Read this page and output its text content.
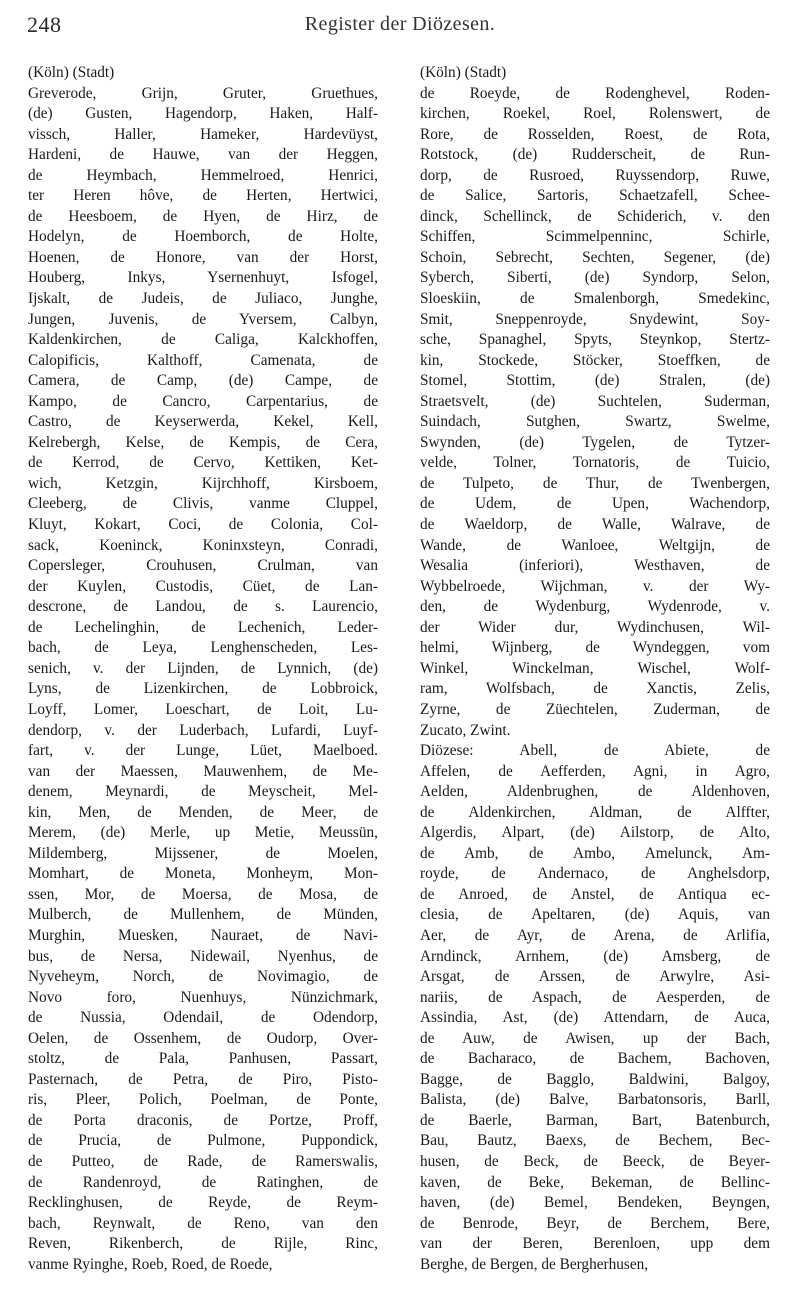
248	Register der Diözesen.
(Köln) (Stadt)
Greverode, Grijn, Gruter, Gruethues,
(de) Gusten, Hagendorp, Haken, Half-
vissch, Haller, Hameker, Hardevüyst,
Hardeni, de Hauwe, van der Heggen,
de Heymbach, Hemmelroed, Henrici,
ter Heren hôve, de Herten, Hertwici,
de Heesboem, de Hyen, de Hirz, de
Hodelyn, de Hoemborch, de Holte,
Hoenen, de Honore, van der Horst,
Houberg, Inkys, Ysernenhuyt, Isfogel,
Ijskalt, de Judeis, de Juliaco, Junghe,
Jungen, Juvenis, de Yversem, Calbyn,
Kaldenkirchen, de Caliga, Kalckhoffen,
Calopificis, Kalthoff, Camenata, de
Camera, de Camp, (de) Campe, de
Kampo, de Cancro, Carpentarius, de
Castro, de Keyserwerda, Kekel, Kell,
Kelrebergh, Kelse, de Kempis, de Cera,
de Kerrod, de Cervo, Kettiken, Ket-
wich, Ketzgin, Kijrchhoff, Kirsboem,
Cleeberg, de Clivis, vanme Cluppel,
Kluyt, Kokart, Coci, de Colonia, Col-
sack, Koeninck, Koninxsteyn, Conradi,
Copersleger, Crouhusen, Crulman, van
der Kuylen, Custodis, Cüet, de Lan-
descrone, de Landou, de s. Laurencio,
de Lechelinghin, de Lechenich, Leder-
bach, de Leya, Lenghenscheden, Les-
senich, v. der Lijnden, de Lynnich, (de)
Lyns, de Lizenkirchen, de Lobbroick,
Loyff, Lomer, Loeschart, de Loit, Lu-
dendorp, v. der Luderbach, Lufardi, Luyf-
fart, v. der Lunge, Lüet, Maelboed.
van der Maessen, Mauwenhem, de Me-
denem, Meynardi, de Meyscheit, Mel-
kin, Men, de Menden, de Meer, de
Merem, (de) Merle, up Metie, Meussün,
Mildemberg, Mijssener, de Moelen,
Momhart, de Moneta, Monheym, Mon-
ssen, Mor, de Moersa, de Mosa, de
Mulberch, de Mullenhem, de Münden,
Murghin, Muesken, Nauraet, de Navi-
bus, de Nersa, Nidewail, Nyenhus, de
Nyveheym, Norch, de Novimagio, de
Novo foro, Nuenhuys, Nünzichmark,
de Nussia, Odendail, de Odendorp,
Oelen, de Ossenhem, de Oudorp, Over-
stoltz, de Pala, Panhusen, Passart,
Pasternach, de Petra, de Piro, Pisto-
ris, Pleer, Polich, Poelman, de Ponte,
de Porta draconis, de Portze, Proff,
de Prucia, de Pulmone, Puppondick,
de Putteo, de Rade, de Ramerswalis,
de Randenroyd, de Ratinghen, de
Recklinghusen, de Reyde, de Reym-
bach, Reynwalt, de Reno, van den
Reven, Rikenberch, de Rijle, Rinc,
vanme Ryinghe, Roeb, Roed, de Roede,
(Köln) (Stadt)
de Roeyde, de Rodenghevel, Roden-
kirchen, Roekel, Roel, Rolenswert, de
Rore, de Rosselden, Roest, de Rota,
Rotstock, (de) Rudderscheit, de Run-
dorp, de Rusroed, Ruyssendorp, Ruwe,
de Salice, Sartoris, Schaetzafell, Schee-
dinck, Schellinck, de Schiderich, v. den
Schiffen, Scimmelpenninc, Schirle,
Schoin, Sebrecht, Sechten, Segener, (de)
Syberch, Siberti, (de) Syndorp, Selon,
Sloeskiin, de Smalenborgh, Smedekinc,
Smit, Sneppenroyde, Snydewint, Soy-
sche, Spanaghel, Spyts, Steynkop, Stertz-
kin, Stockede, Stöcker, Stoeffken, de
Stomel, Stottim, (de) Stralen, (de)
Straetsvelt, (de) Suchtelen, Suderman,
Suindach, Sutghen, Swartz, Swelme,
Swynden, (de) Tygelen, de Tytzer-
velde, Tolner, Tornatoris, de Tuicio,
de Tulpeto, de Thur, de Twenbergen,
de Udem, de Upen, Wachendorp,
de Waeldorp, de Walle, Walrave, de
Wande, de Wanloee, Weltgijn, de
Wesalia (inferiori), Westhaven, de
Wybbelroede, Wijchman, v. der Wy-
den, de Wydenburg, Wydenrode, v.
der Wider dur, Wydinchusen, Wil-
helmi, Wijnberg, de Wyndeggen, vom
Winkel, Winckelman, Wischel, Wolf-
ram, Wolfsbach, de Xanctis, Zelis,
Zyrne, de Züechtelen, Zuderman, de
Zucato, Zwint.
Diözese: Abell, de Abiete, de
Affelen, de Aefferden, Agni, in Agro,
Aelden, Aldenbrughen, de Aldenhoven,
de Aldenkirchen, Aldman, de Alffter,
Algerdis, Alpart, (de) Ailstorp, de Alto,
de Amb, de Ambo, Amelunck, Am-
royde, de Andernaco, de Anghelsdorp,
de Anroed, de Anstel, de Antiqua ec-
clesia, de Apeltaren, (de) Aquis, van
Aer, de Ayr, de Arena, de Arlifia,
Arndinck, Arnhem, (de) Amsberg, de
Arsgat, de Arssen, de Arwylre, Asi-
nariis, de Aspach, de Aesperden, de
Assindia, Ast, (de) Attendarn, de Auca,
de Auw, de Awisen, up der Bach,
de Bacharaco, de Bachem, Bachoven,
Bagge, de Bagglo, Baldwini, Balgoy,
Balista, (de) Balve, Barbatonsoris, Barll,
de Baerle, Barman, Bart, Batenburch,
Bau, Bautz, Baexs, de Bechem, Bec-
husen, de Beck, de Beeck, de Beyer-
kaven, de Beke, Bekeman, de Bellinc-
haven, (de) Bemel, Bendeken, Beyngen,
de Benrode, Beyr, de Berchem, Bere,
van der Beren, Berenloen, upp dem
Berghe, de Bergen, de Bergherhusen,
